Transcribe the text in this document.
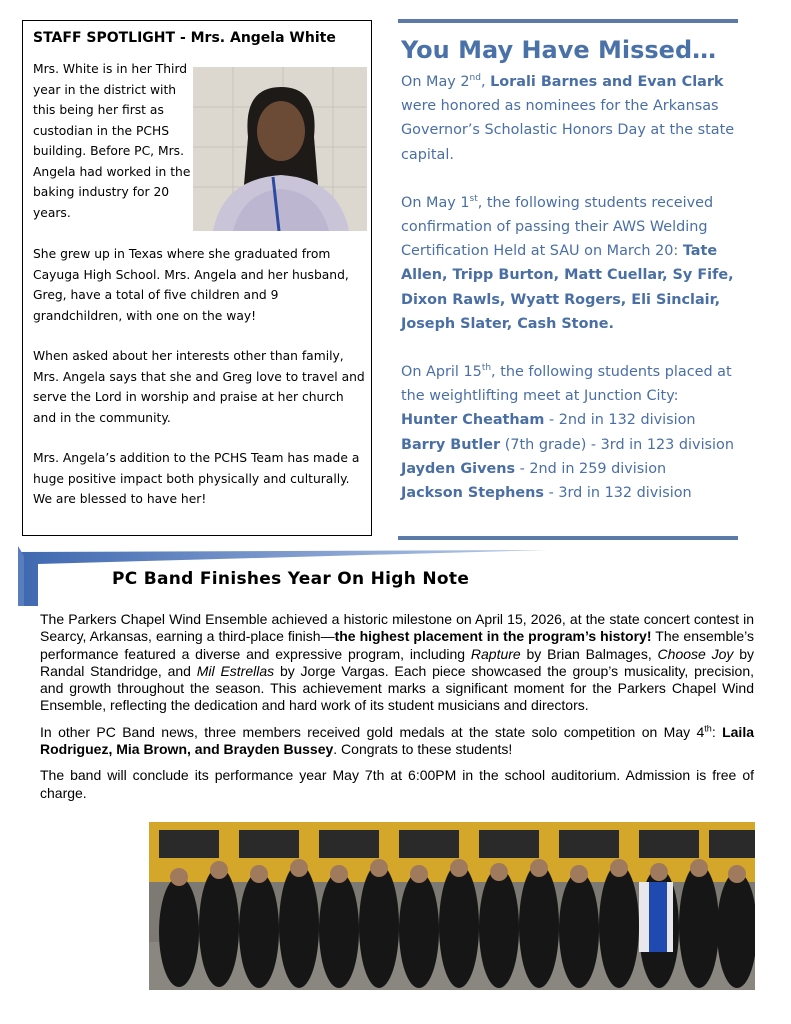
STAFF SPOTLIGHT - Mrs. Angela White
Mrs. White is in her Third year in the district with this being her first as custodian in the PCHS building. Before PC, Mrs. Angela had worked in the baking industry for 20 years.
She grew up in Texas where she graduated from Cayuga High School. Mrs. Angela and her husband, Greg, have a total of five children and 9 grandchildren, with one on the way!
When asked about her interests other than family, Mrs. Angela says that she and Greg love to travel and serve the Lord in worship and praise at her church and in the community.
Mrs. Angela’s addition to the PCHS Team has made a huge positive impact both physically and culturally. We are blessed to have her!
You May Have Missed…

On May 2nd, Lorali Barnes and Evan Clark were honored as nominees for the Arkansas Governor’s Scholastic Honors Day at the state capital.

On May 1st, the following students received confirmation of passing their AWS Welding Certification Held at SAU on March 20: Tate Allen, Tripp Burton, Matt Cuellar, Sy Fife, Dixon Rawls, Wyatt Rogers, Eli Sinclair, Joseph Slater, Cash Stone.

On April 15th, the following students placed at the weightlifting meet at Junction City:
Hunter Cheatham - 2nd in 132 division
Barry Butler (7th grade) - 3rd in 123 division
Jayden Givens - 2nd in 259 division
Jackson Stephens - 3rd in 132 division
PC Band Finishes Year On High Note

The Parkers Chapel Wind Ensemble achieved a historic milestone on April 15, 2026, at the state concert contest in Searcy, Arkansas, earning a third-place finish—the highest placement in the program’s history! The ensemble’s performance featured a diverse and expressive program, including Rapture by Brian Balmages, Choose Joy by Randal Standridge, and Mil Estrellas by Jorge Vargas. Each piece showcased the group’s musicality, precision, and growth throughout the season. This achievement marks a significant moment for the Parkers Chapel Wind Ensemble, reflecting the dedication and hard work of its student musicians and directors.

In other PC Band news, three members received gold medals at the state solo competition on May 4th: Laila Rodriguez, Mia Brown, and Brayden Bussey. Congrats to these students!

The band will conclude its performance year May 7th at 6:00PM in the school auditorium. Admission is free of charge.
